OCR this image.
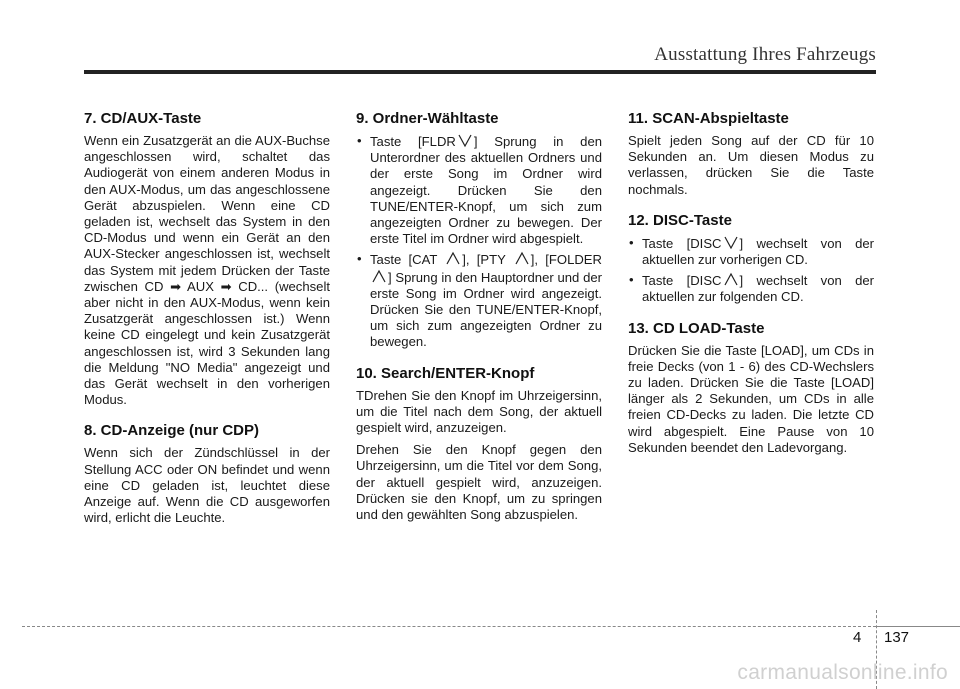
Ausstattung Ihres Fahrzeugs
7. CD/AUX-Taste

Wenn ein Zusatzgerät an die AUX-Buchse angeschlossen wird, schaltet das Audiogerät von einem anderen Modus in den AUX-Modus, um das angeschlossene Gerät abzuspielen. Wenn eine CD geladen ist, wechselt das System in den CD-Modus und wenn ein Gerät an den AUX-Stecker angeschlossen ist, wechselt das System mit jedem Drücken der Taste zwischen CD ➡ AUX ➡ CD... (wechselt aber nicht in den AUX-Modus, wenn kein Zusatzgerät angeschlossen ist.) Wenn keine CD eingelegt und kein Zusatzgerät angeschlossen ist, wird 3 Sekunden lang die Meldung "NO Media" angezeigt und das Gerät wechselt in den vorherigen Modus.

8. CD-Anzeige (nur CDP)

Wenn sich der Zündschlüssel in der Stellung ACC oder ON befindet und wenn eine CD geladen ist, leuchtet diese Anzeige auf. Wenn die CD ausgeworfen wird, erlicht die Leuchte.

9. Ordner-Wähltaste
• Taste [FLDR ] Sprung in den Unterordner des aktuellen Ordners und der erste Song im Ordner wird angezeigt. Drücken Sie den TUNE/ENTER-Knopf, um sich zum angezeigten Ordner zu bewegen. Der erste Titel im Ordner wird abgespielt.
• Taste [CAT ], [PTY ], [FOLDER
] Sprung in den Hauptordner und der erste Song im Ordner wird angezeigt. Drücken Sie den TUNE/ENTER-Knopf, um sich zum angezeigten Ordner zu bewegen.
10. Search/ENTER-Knopf

TDrehen Sie den Knopf im Uhrzeigersinn, um die Titel nach dem Song, der aktuell gespielt wird, anzuzeigen.

Drehen Sie den Knopf gegen den Uhrzeigersinn, um die Titel vor dem Song, der aktuell gespielt wird, anzuzeigen. Drücken sie den Knopf, um zu springen und den gewählten Song abzuspielen.

11. SCAN-Abspieltaste

Spielt jeden Song auf der CD für 10 Sekunden an. Um diesen Modus zu verlassen, drücken Sie die Taste nochmals.

12. DISC-Taste
• Taste [DISC ] wechselt von der aktuellen zur vorherigen CD.
• Taste [DISC ] wechselt von der aktuellen zur folgenden CD.
13. CD LOAD-Taste

Drücken Sie die Taste [LOAD], um CDs in freie Decks (von 1 - 6) des CD-Wechslers zu laden. Drücken Sie die Taste [LOAD] länger als 2 Sekunden, um CDs in alle freien CD-Decks zu laden. Die letzte CD wird abgespielt. Eine Pause von 10 Sekunden beendet den Ladevorgang.

4 137
carmanualsonline.info
